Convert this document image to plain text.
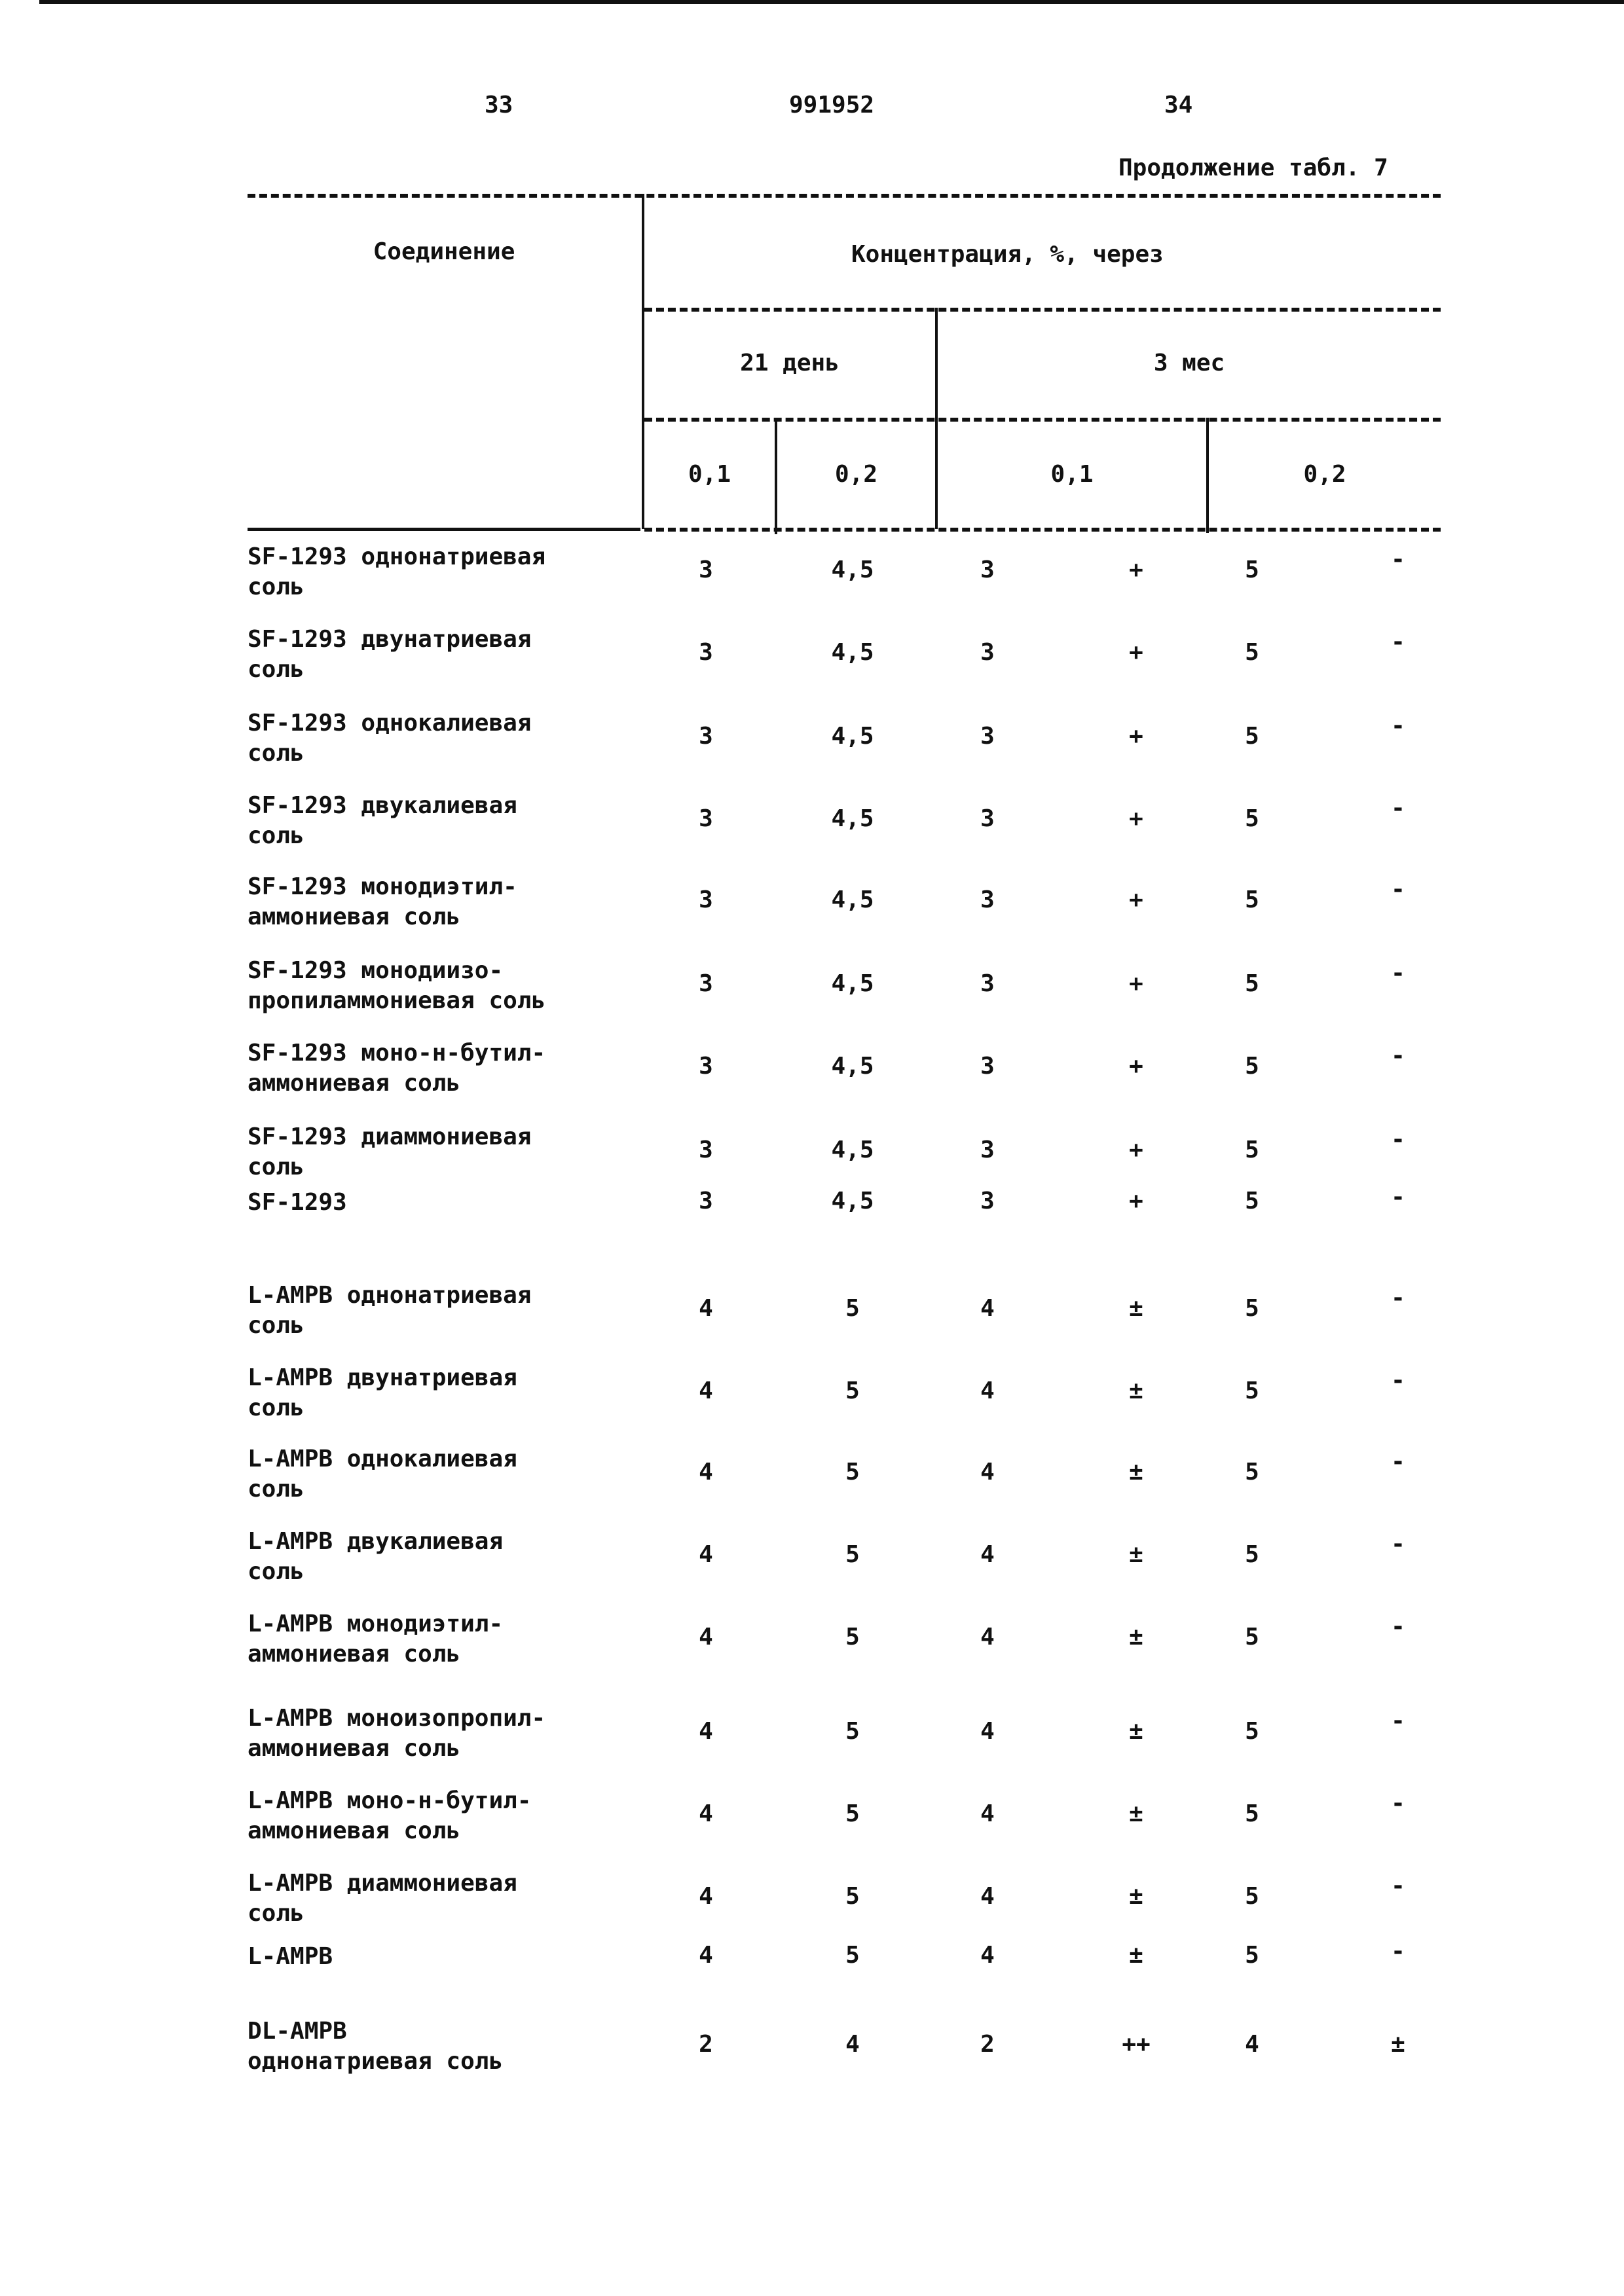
33	991952	34
Продолжение табл. 7
Соединение	Концентрация, %, через
21 день	3 мес
0,1	0,2	0,1	0,2
SF-1293 однонатриевая
соль
3	4,5	3	+	5	-
SF-1293 двунатриевая
соль
3	4,5	3	+	5	-
SF-1293 однокалиевая
соль
3	4,5	3	+	5	-
SF-1293 двукалиевая
соль
3	4,5	3	+	5	-
SF-1293 монодиэтил-
аммониевая соль
3	4,5	3	+	5	-
SF-1293 монодиизо-
пропиламмониевая соль
3	4,5	3	+	5	-
SF-1293 моно-н-бутил-
аммониевая соль
3	4,5	3	+	5	-
SF-1293 диаммониевая
соль
3	4,5	3	+	5	-
SF-1293	3	4,5	3	+	5	-
L-AMPB однонатриевая
соль
4	5	4	±	5	-
L-AMPB двунатриевая
соль
4	5	4	±	5	-
L-AMPB однокалиевая
соль
4	5	4	±	5	-
L-AMPB двукалиевая
соль
4	5	4	±	5	-
L-AMPB монодиэтил-
аммониевая соль
4	5	4	±	5	-
L-AMPB моноизопропил-
аммониевая соль
4	5	4	±	5	-
L-AMPB моно-н-бутил-
аммониевая соль
4	5	4	±	5	-
L-AMPB диаммониевая
соль
4	5	4	±	5	-
L-AMPB	4	5	4	±	5	-
DL-AMPB
однонатриевая соль
2	4	2	++	4	±
